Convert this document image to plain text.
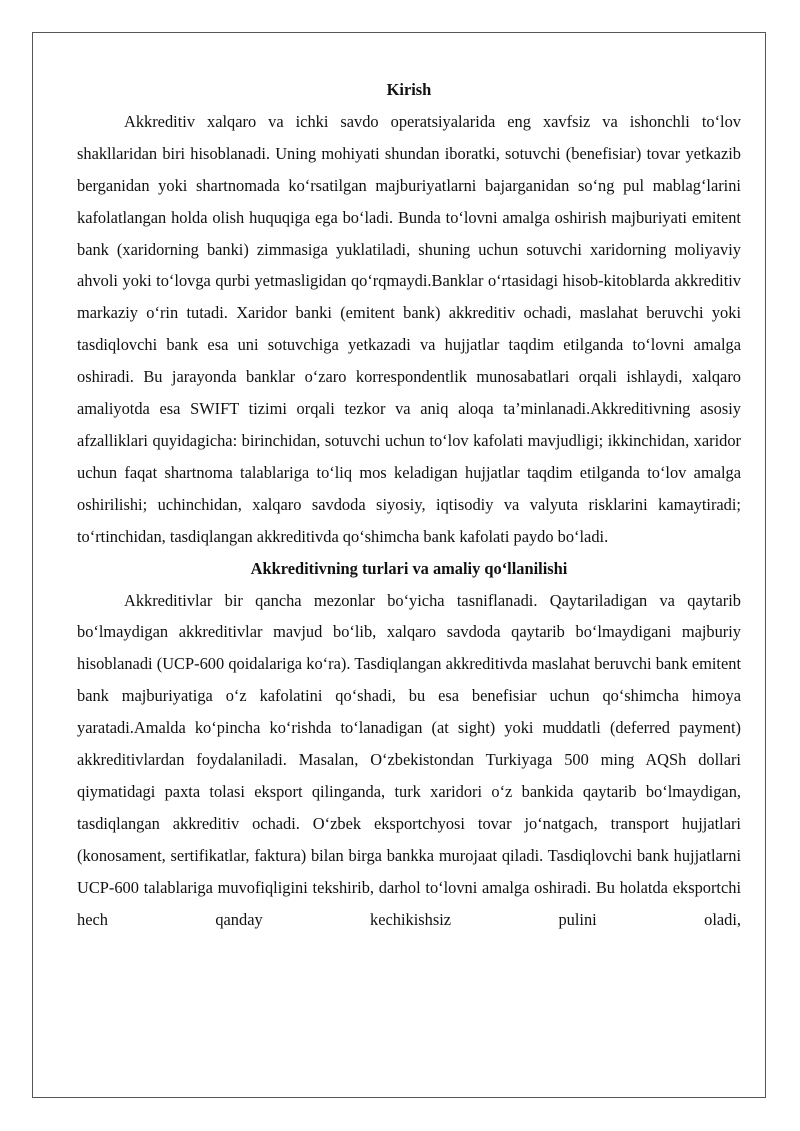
Kirish

Akkreditiv xalqaro va ichki savdo operatsiyalarida eng xavfsiz va ishonchli to‘lov shakllaridan biri hisoblanadi. Uning mohiyati shundan iboratki, sotuvchi (benefisiar) tovar yetkazib berganidan yoki shartnomada ko‘rsatilgan majburiyatlarni bajarganidan so‘ng pul mablag‘larini kafolatlangan holda olish huquqiga ega bo‘ladi. Bunda to‘lovni amalga oshirish majburiyati emitent bank (xaridorning banki) zimmasiga yuklatiladi, shuning uchun sotuvchi xaridorning moliyaviy ahvoli yoki to‘lovga qurbi yetmasligidan qo‘rqmaydi.Banklar o‘rtasidagi hisob-kitoblarda akkreditiv markaziy o‘rin tutadi. Xaridor banki (emitent bank) akkreditiv ochadi, maslahat beruvchi yoki tasdiqlovchi bank esa uni sotuvchiga yetkazadi va hujjatlar taqdim etilganda to‘lovni amalga oshiradi. Bu jarayonda banklar o‘zaro korrespondentlik munosabatlari orqali ishlaydi, xalqaro amaliyotda esa SWIFT tizimi orqali tezkor va aniq aloqa ta’minlanadi.Akkreditivning asosiy afzalliklari quyidagicha: birinchidan, sotuvchi uchun to‘lov kafolati mavjudligi; ikkinchidan, xaridor uchun faqat shartnoma talablariga to‘liq mos keladigan hujjatlar taqdim etilganda to‘lov amalga oshirilishi; uchinchidan, xalqaro savdoda siyosiy, iqtisodiy va valyuta risklarini kamaytiradi; to‘rtinchidan, tasdiqlangan akkreditivda qo‘shimcha bank kafolati paydo bo‘ladi.

Akkreditivning turlari va amaliy qo‘llanilishi

Akkreditivlar bir qancha mezonlar bo‘yicha tasniflanadi. Qaytariladigan va qaytarib bo‘lmaydigan akkreditivlar mavjud bo‘lib, xalqaro savdoda qaytarib bo‘lmaydigani majburiy hisoblanadi (UCP-600 qoidalariga ko‘ra). Tasdiqlangan akkreditivda maslahat beruvchi bank emitent bank majburiyatiga o‘z kafolatini qo‘shadi, bu esa benefisiar uchun qo‘shimcha himoya yaratadi.Amalda ko‘pincha ko‘rishda to‘lanadigan (at sight) yoki muddatli (deferred payment) akkreditivlardan foydalaniladi. Masalan, O‘zbekistondan Turkiyaga 500 ming AQSh dollari qiymatidagi paxta tolasi eksport qilinganda, turk xaridori o‘z bankida qaytarib bo‘lmaydigan, tasdiqlangan akkreditiv ochadi. O‘zbek eksportchyosi tovar jo‘natgach, transport hujjatlari (konosament, sertifikatlar, faktura) bilan birga bankka murojaat qiladi. Tasdiqlovchi bank hujjatlarni UCP-600 talablariga muvofiqligini tekshirib, darhol to‘lovni amalga oshiradi. Bu holatda eksportchi hech qanday kechikishsiz pulini oladi,
